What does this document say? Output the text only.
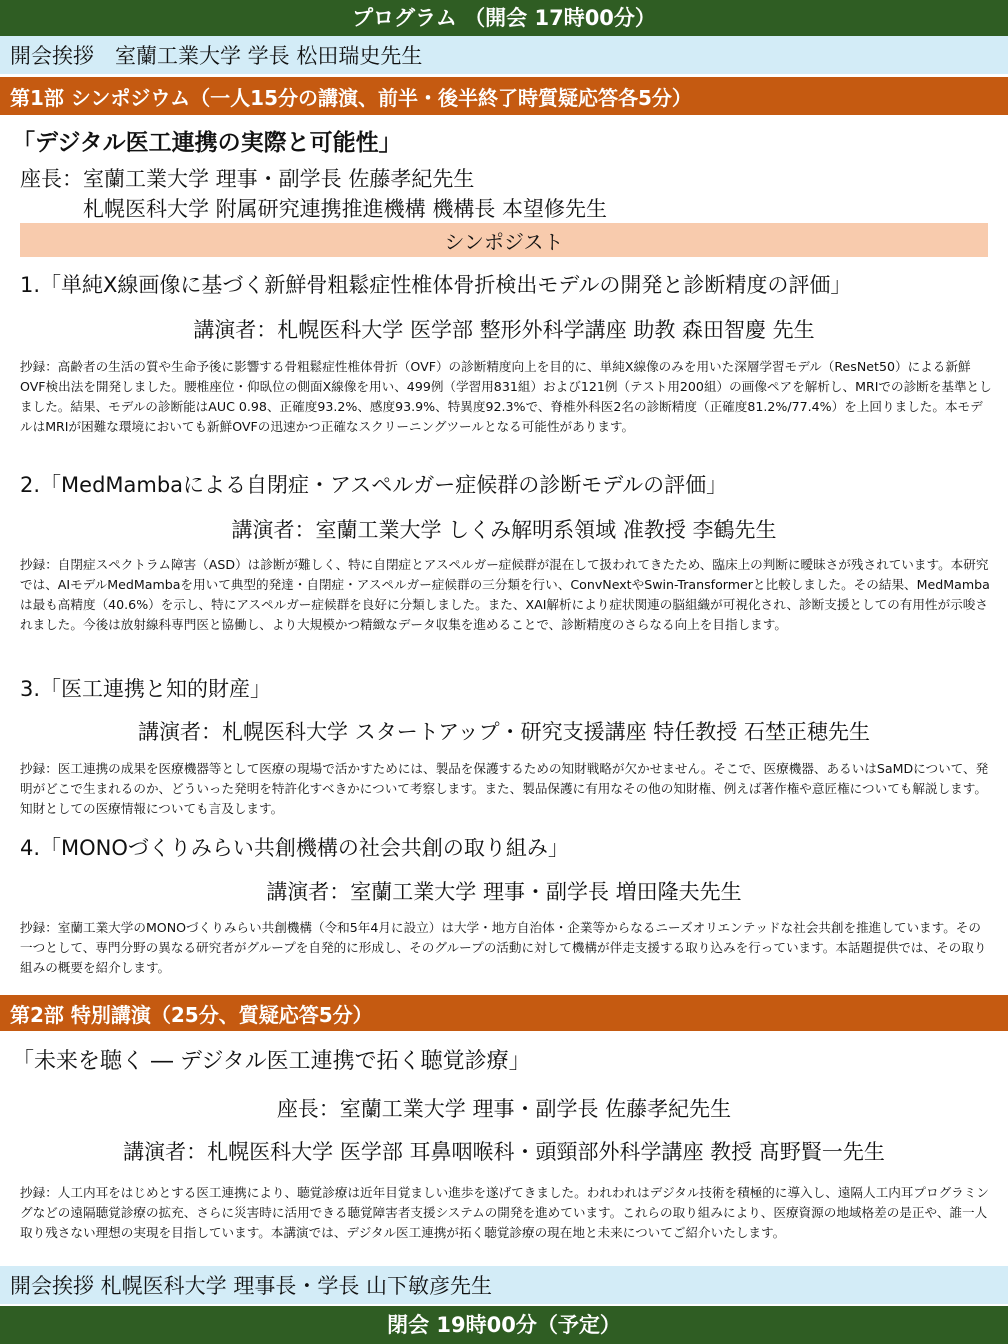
プログラム （開会 17時00分）
開会挨拶　室蘭工業大学 学長 松田瑞史先生
第1部 シンポジウム（一人15分の講演、前半・後半終了時質疑応答各5分）
「デジタル医工連携の実際と可能性」
座長：室蘭工業大学 理事・副学長 佐藤孝紀先生
札幌医科大学 附属研究連携推進機構 機構長 本望修先生
シンポジスト
1.「単純X線画像に基づく新鮮骨粗鬆症性椎体骨折検出モデルの開発と診断精度の評価」
講演者：札幌医科大学 医学部 整形外科学講座 助教 森田智慶 先生
抄録：高齢者の生活の質や生命予後に影響する骨粗鬆症性椎体骨折（OVF）の診断精度向上を目的に、単純X線像のみを用いた深層学習モデル（ResNet50）による新鮮OVF検出法を開発しました。腰椎座位・仰臥位の側面X線像を用い、499例（学習用831組）および121例（テスト用200組）の画像ペアを解析し、MRIでの診断を基準としました。結果、モデルの診断能はAUC 0.98、正確度93.2%、感度93.9%、特異度92.3%で、脊椎外科医2名の診断精度（正確度81.2%/77.4%）を上回りました。本モデルはMRIが困難な環境においても新鮮OVFの迅速かつ正確なスクリーニングツールとなる可能性があります。
2.「MedMambaによる自閉症・アスペルガー症候群の診断モデルの評価」
講演者：室蘭工業大学 しくみ解明系領域 准教授 李鶴先生
抄録：自閉症スペクトラム障害（ASD）は診断が難しく、特に自閉症とアスペルガー症候群が混在して扱われてきたため、臨床上の判断に曖昧さが残されています。本研究では、AIモデルMedMambaを用いて典型的発達・自閉症・アスペルガー症候群の三分類を行い、ConvNextやSwin-Transformerと比較しました。その結果、MedMambaは最も高精度（40.6%）を示し、特にアスペルガー症候群を良好に分類しました。また、XAI解析により症状関連の脳組織が可視化され、診断支援としての有用性が示唆されました。今後は放射線科専門医と協働し、より大規模かつ精緻なデータ収集を進めることで、診断精度のさらなる向上を目指します。
3.「医工連携と知的財産」
講演者：札幌医科大学 スタートアップ・研究支援講座 特任教授 石埜正穂先生
抄録：医工連携の成果を医療機器等として医療の現場で活かすためには、製品を保護するための知財戦略が欠かせません。そこで、医療機器、あるいはSaMDについて、発明がどこで生まれるのか、どういった発明を特許化すべきかについて考察します。また、製品保護に有用なその他の知財権、例えば著作権や意匠権についても解説します。知財としての医療情報についても言及します。
4.「MONOづくりみらい共創機構の社会共創の取り組み」
講演者：室蘭工業大学 理事・副学長 増田隆夫先生
抄録：室蘭工業大学のMONOづくりみらい共創機構（令和5年4月に設立）は大学・地方自治体・企業等からなるニーズオリエンテッドな社会共創を推進しています。その一つとして、専門分野の異なる研究者がグループを自発的に形成し、そのグループの活動に対して機構が伴走支援する取り込みを行っています。本話題提供では、その取り組みの概要を紹介します。
第2部 特別講演（25分、質疑応答5分）
「未来を聴く ― デジタル医工連携で拓く聴覚診療」
座長：室蘭工業大学 理事・副学長 佐藤孝紀先生
講演者：札幌医科大学 医学部 耳鼻咽喉科・頭頸部外科学講座 教授 髙野賢一先生
抄録：人工内耳をはじめとする医工連携により、聴覚診療は近年目覚ましい進歩を遂げてきました。われわれはデジタル技術を積極的に導入し、遠隔人工内耳プログラミングなどの遠隔聴覚診療の拡充、さらに災害時に活用できる聴覚障害者支援システムの開発を進めています。これらの取り組みにより、医療資源の地域格差の是正や、誰一人取り残さない理想の実現を目指しています。本講演では、デジタル医工連携が拓く聴覚診療の現在地と未来についてご紹介いたします。
開会挨拶 札幌医科大学 理事長・学長 山下敏彦先生
閉会 19時00分（予定）
